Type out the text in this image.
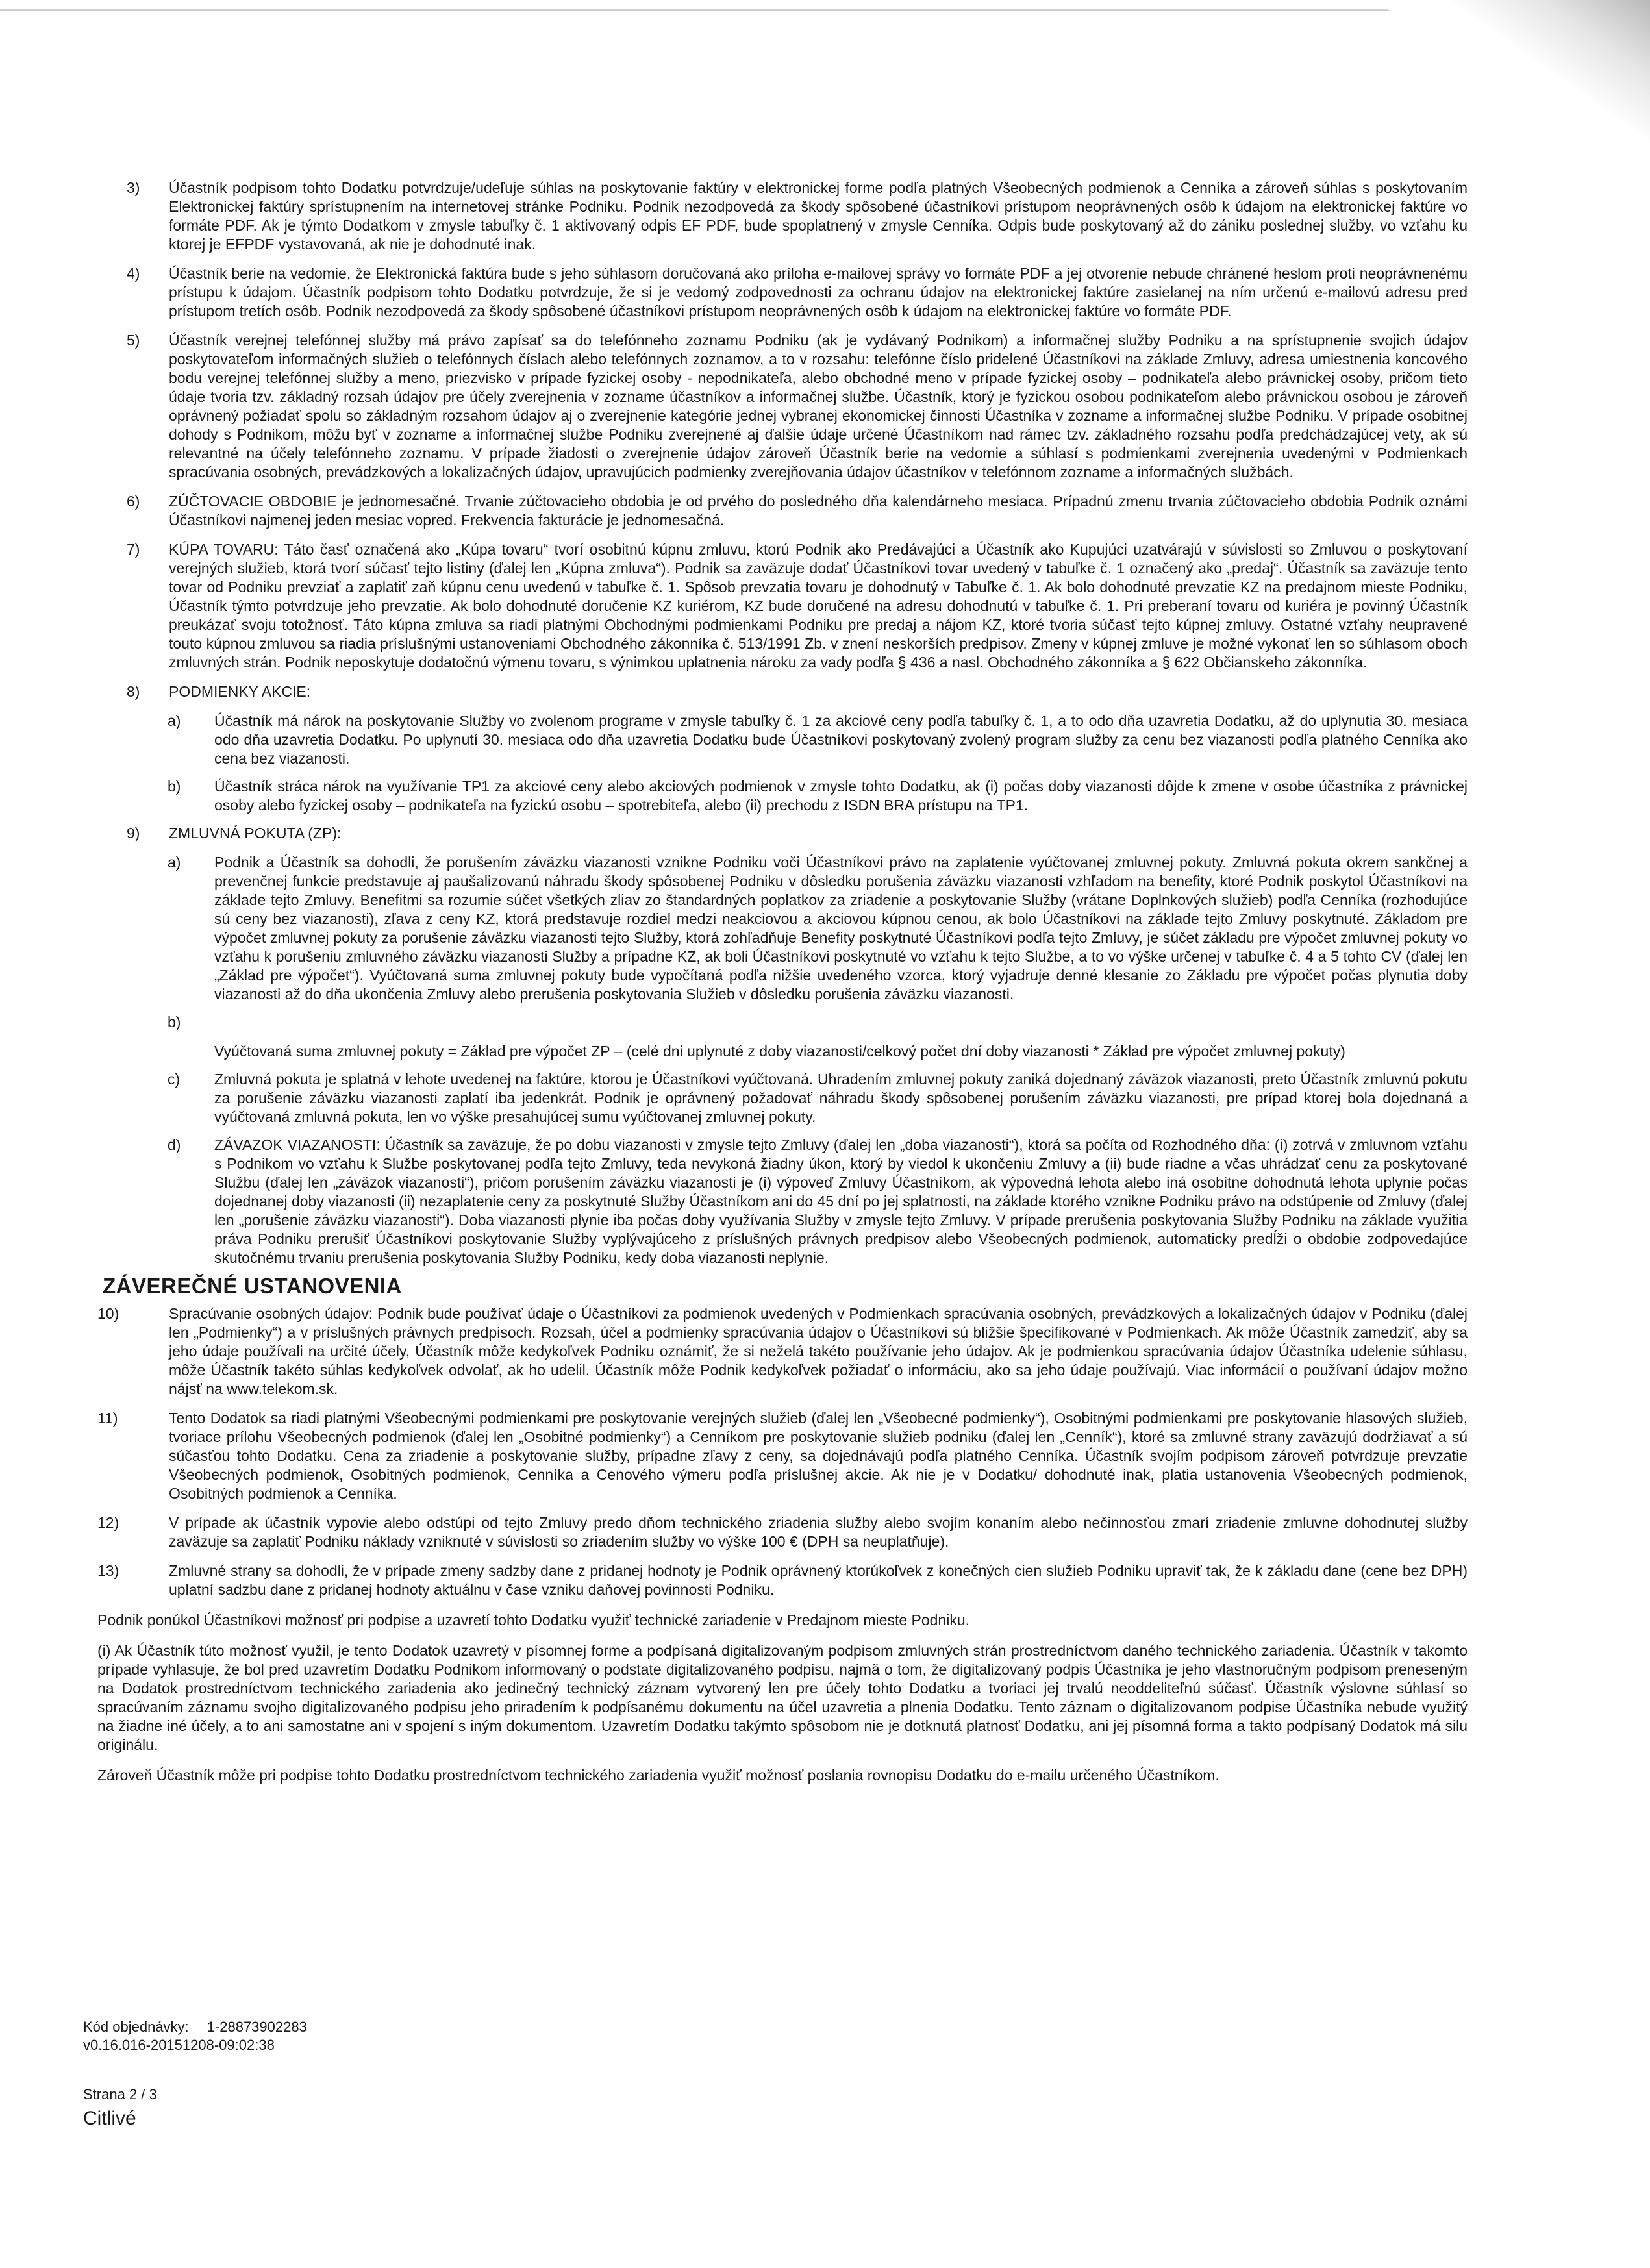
3) Účastník podpisom tohto Dodatku potvrdzuje/udeľuje súhlas na poskytovanie faktúry v elektronickej forme podľa platných Všeobecných podmienok a Cenníka a zároveň súhlas s poskytovaním Elektronickej faktúry sprístupnením na internetovej stránke Podniku. Podnik nezodpovedá za škody spôsobené účastníkovi prístupom neoprávnených osôb k údajom na elektronickej faktúre vo formáte PDF. Ak je týmto Dodatkom v zmysle tabuľky č. 1 aktivovaný odpis EF PDF, bude spoplatnený v zmysle Cenníka. Odpis bude poskytovaný až do zániku poslednej služby, vo vzťahu ku ktorej je EFPDF vystavovaná, ak nie je dohodnuté inak.
4) Účastník berie na vedomie, že Elektronická faktúra bude s jeho súhlasom doručovaná ako príloha e-mailovej správy vo formáte PDF a jej otvorenie nebude chránené heslom proti neoprávnenému prístupu k údajom. Účastník podpisom tohto Dodatku potvrdzuje, že si je vedomý zodpovednosti za ochranu údajov na elektronickej faktúre zasielanej na ním určenú e-mailovú adresu pred prístupom tretích osôb. Podnik nezodpovedá za škody spôsobené účastníkovi prístupom neoprávnených osôb k údajom na elektronickej faktúre vo formáte PDF.
5) Účastník verejnej telefónnej služby má právo zapísať sa do telefónneho zoznamu Podniku (ak je vydávaný Podnikom) a informačnej služby Podniku a na sprístupnenie svojich údajov poskytovateľom informačných služieb o telefónnych číslach alebo telefónnych zoznamov, a to v rozsahu: telefónne číslo pridelené Účastníkovi na základe Zmluvy, adresa umiestnenia koncového bodu verejnej telefónnej služby a meno, priezvisko v prípade fyzickej osoby - nepodnikateľa, alebo obchodné meno v prípade fyzickej osoby – podnikateľa alebo právnickej osoby, pričom tieto údaje tvoria tzv. základný rozsah údajov pre účely zverejnenia v zozname účastníkov a informačnej službe. Účastník, ktorý je fyzickou osobou podnikateľom alebo právnickou osobou je zároveň oprávnený požiadať spolu so základným rozsahom údajov aj o zverejnenie kategórie jednej vybranej ekonomickej činnosti Účastníka v zozname a informačnej službe Podniku. V prípade osobitnej dohody s Podnikom, môžu byť v zozname a informačnej službe Podniku zverejnené aj ďalšie údaje určené Účastníkom nad rámec tzv. základného rozsahu podľa predchádzajúcej vety, ak sú relevantné na účely telefónneho zoznamu. V prípade žiadosti o zverejnenie údajov zároveň Účastník berie na vedomie a súhlasí s podmienkami zverejnenia uvedenými v Podmienkach spracúvania osobných, prevádzkových a lokalizačných údajov, upravujúcich podmienky zverejňovania údajov účastníkov v telefónnom zozname a informačných službách.
6) ZÚČTOVACIE OBDOBIE je jednomesačné. Trvanie zúčtovacieho obdobia je od prvého do posledného dňa kalendárneho mesiaca. Prípadnú zmenu trvania zúčtovacieho obdobia Podnik oznámi Účastníkovi najmenej jeden mesiac vopred. Frekvencia fakturácie je jednomesačná.
7) KÚPA TOVARU: Táto časť označená ako „Kúpa tovaru“ tvorí osobitnú kúpnu zmluvu, ktorú Podnik ako Predávajúci a Účastník ako Kupujúci uzatvárajú v súvislosti so Zmluvou o poskytovaní verejných služieb, ktorá tvorí súčasť tejto listiny (ďalej len „Kúpna zmluva“). Podnik sa zaväzuje dodať Účastníkovi tovar uvedený v tabuľke č. 1 označený ako „predaj“. Účastník sa zaväzuje tento tovar od Podniku prevziať a zaplatiť zaň kúpnu cenu uvedenú v tabuľke č. 1. Spôsob prevzatia tovaru je dohodnutý v Tabuľke č. 1. Ak bolo dohodnuté prevzatie KZ na predajnom mieste Podniku, Účastník týmto potvrdzuje jeho prevzatie. Ak bolo dohodnuté doručenie KZ kuriérom, KZ bude doručené na adresu dohodnutú v tabuľke č. 1. Pri preberaní tovaru od kuriéra je povinný Účastník preukázať svoju totožnosť. Táto kúpna zmluva sa riadi platnými Obchodnými podmienkami Podniku pre predaj a nájom KZ, ktoré tvoria súčasť tejto kúpnej zmluvy. Ostatné vzťahy neupravené touto kúpnou zmluvou sa riadia príslušnými ustanoveniami Obchodného zákonníka č. 513/1991 Zb. v znení neskorších predpisov. Zmeny v kúpnej zmluve je možné vykonať len so súhlasom oboch zmluvných strán. Podnik neposkytuje dodatočnú výmenu tovaru, s výnimkou uplatnenia nároku za vady podľa § 436 a nasl. Obchodného zákonníka a § 622 Občianskeho zákonníka.
8) PODMIENKY AKCIE:
a) Účastník má nárok na poskytovanie Služby vo zvolenom programe v zmysle tabuľky č. 1 za akciové ceny podľa tabuľky č. 1, a to odo dňa uzavretia Dodatku, až do uplynutia 30. mesiaca odo dňa uzavretia Dodatku. Po uplynutí 30. mesiaca odo dňa uzavretia Dodatku bude Účastníkovi poskytovaný zvolený program služby za cenu bez viazanosti podľa platného Cenníka ako cena bez viazanosti.
b) Účastník stráca nárok na využívanie TP1 za akciové ceny alebo akciových podmienok v zmysle tohto Dodatku, ak (i) počas doby viazanosti dôjde k zmene v osobe účastníka z právnickej osoby alebo fyzickej osoby – podnikateľa na fyzickú osobu – spotrebiteľa, alebo (ii) prechodu z ISDN BRA prístupu na TP1.
9) ZMLUVNÁ POKUTA (ZP):
a) Podnik a Účastník sa dohodli, že porušením záväzku viazanosti vznikne Podniku voči Účastníkovi právo na zaplatenie vyúčtovanej zmluvnej pokuty. Zmluvná pokuta okrem sankčnej a prevenčnej funkcie predstavuje aj paušalizovanú náhradu škody spôsobenej Podniku v dôsledku porušenia záväzku viazanosti vzhľadom na benefity, ktoré Podnik poskytol Účastníkovi na základe tejto Zmluvy. Benefitmi sa rozumie súčet všetkých zliav zo štandardných poplatkov za zriadenie a poskytovanie Služby (vrátane Doplnkových služieb) podľa Cenníka (rozhodujúce sú ceny bez viazanosti), zľava z ceny KZ, ktorá predstavuje rozdiel medzi neakciovou a akciovou kúpnou cenou, ak bolo Účastníkovi na základe tejto Zmluvy poskytnuté. Základom pre výpočet zmluvnej pokuty za porušenie záväzku viazanosti tejto Služby, ktorá zohľadňuje Benefity poskytnuté Účastníkovi podľa tejto Zmluvy, je súčet základu pre výpočet zmluvnej pokuty vo vzťahu k porušeniu zmluvného záväzku viazanosti Služby a prípadne KZ, ak boli Účastníkovi poskytnuté vo vzťahu k tejto Službe, a to vo výške určenej v tabuľke č. 4 a 5 tohto CV (ďalej len „Základ pre výpočet“). Vyúčtovaná suma zmluvnej pokuty bude vypočítaná podľa nižšie uvedeného vzorca, ktorý vyjadruje denné klesanie zo Základu pre výpočet počas plynutia doby viazanosti až do dňa ukončenia Zmluvy alebo prerušenia poskytovania Služieb v dôsledku porušenia záväzku viazanosti.
b)
Vyúčtovaná suma zmluvnej pokuty = Základ pre výpočet ZP – (celé dni uplynuté z doby viazanosti/celkový počet dní doby viazanosti * Základ pre výpočet zmluvnej pokuty)
c) Zmluvná pokuta je splatná v lehote uvedenej na faktúre, ktorou je Účastníkovi vyúčtovaná. Uhradením zmluvnej pokuty zaniká dojednaný záväzok viazanosti, preto Účastník zmluvnú pokutu za porušenie záväzku viazanosti zaplatí iba jedenkrát. Podnik je oprávnený požadovať náhradu škody spôsobenej porušením záväzku viazanosti, pre prípad ktorej bola dojednaná a vyúčtovaná zmluvná pokuta, len vo výške presahujúcej sumu vyúčtovanej zmluvnej pokuty.
d) ZÁVAZOK VIAZANOSTI: Účastník sa zaväzuje, že po dobu viazanosti v zmysle tejto Zmluvy (ďalej len „doba viazanosti“), ktorá sa počíta od Rozhodného dňa: (i) zotrvá v zmluvnom vzťahu s Podnikom vo vzťahu k Službe poskytovanej podľa tejto Zmluvy, teda nevykoná žiadny úkon, ktorý by viedol k ukončeniu Zmluvy a (ii) bude riadne a včas uhrádzať cenu za poskytované Službu (ďalej len „záväzok viazanosti“), pričom porušením záväzku viazanosti je (i) výpoveď Zmluvy Účastníkom, ak výpovedná lehota alebo iná osobitne dohodnutá lehota uplynie počas dojednanej doby viazanosti (ii) nezaplatenie ceny za poskytnuté Služby Účastníkom ani do 45 dní po jej splatnosti, na základe ktorého vznikne Podniku právo na odstúpenie od Zmluvy (ďalej len „porušenie záväzku viazanosti“). Doba viazanosti plynie iba počas doby využívania Služby v zmysle tejto Zmluvy. V prípade prerušenia poskytovania Služby Podniku na základe využitia práva Podniku prerušiť Účastníkovi poskytovanie Služby vyplývajúceho z príslušných právnych predpisov alebo Všeobecných podmienok, automaticky predĺži o obdobie zodpovedajúce skutočnému trvaniu prerušenia poskytovania Služby Podniku, kedy doba viazanosti neplynie.
ZÁVEREČNÉ USTANOVENIA
10)	Spracúvanie osobných údajov: Podnik bude používať údaje o Účastníkovi za podmienok uvedených v Podmienkach spracúvania osobných, prevádzkových a lokalizačných údajov v Podniku (ďalej len „Podmienky“) a v príslušných právnych predpisoch. Rozsah, účel a podmienky spracúvania údajov o Účastníkovi sú bližšie špecifikované v Podmienkach. Ak môže Účastník zamedziť, aby sa jeho údaje používali na určité účely, Účastník môže kedykoľvek Podniku oznámiť, že si neželá takéto používanie jeho údajov. Ak je podmienkou spracúvania údajov Účastníka udelenie súhlasu, môže Účastník takéto súhlas kedykoľvek odvolať, ak ho udelil. Účastník môže Podnik kedykoľvek požiadať o informáciu, ako sa jeho údaje používajú. Viac informácií o používaní údajov možno nájsť na www.telekom.sk.
11)	Tento Dodatok sa riadi platnými Všeobecnými podmienkami pre poskytovanie verejných služieb (ďalej len „Všeobecné podmienky“), Osobitnými podmienkami pre poskytovanie hlasových služieb, tvoriace prílohu Všeobecných podmienok (ďalej len „Osobitné podmienky“) a Cenníkom pre poskytovanie služieb podniku (ďalej len „Cenník“), ktoré sa zmluvné strany zaväzujú dodržiavať a sú súčasťou tohto Dodatku. Cena za zriadenie a poskytovanie služby, prípadne zľavy z ceny, sa dojednávajú podľa platného Cenníka. Účastník svojím podpisom zároveň potvrdzuje prevzatie Všeobecných podmienok, Osobitných podmienok, Cenníka a Cenového výmeru podľa príslušnej akcie. Ak nie je v Dodatku/ dohodnuté inak, platia ustanovenia Všeobecných podmienok, Osobitných podmienok a Cenníka.
12)	V prípade ak účastník vypovie alebo odstúpi od tejto Zmluvy predo dňom technického zriadenia služby alebo svojím konaním alebo nečinnosťou zmarí zriadenie zmluvne dohodnutej služby zaväzuje sa zaplatiť Podniku náklady vzniknuté v súvislosti so zriadením služby vo výške 100 € (DPH sa neuplatňuje).
13)	Zmluvné strany sa dohodli, že v prípade zmeny sadzby dane z pridanej hodnoty je Podnik oprávnený ktorúkoľvek z konečných cien služieb Podniku upraviť tak, že k základu dane (cene bez DPH) uplatní sadzbu dane z pridanej hodnoty aktuálnu v čase vzniku daňovej povinnosti Podniku.

Podnik ponúkol Účastníkovi možnosť pri podpise a uzavretí tohto Dodatku využiť technické zariadenie v Predajnom mieste Podniku.

(i) Ak Účastník túto možnosť využil, je tento Dodatok uzavretý v písomnej forme a podpísaná digitalizovaným podpisom zmluvných strán prostredníctvom daného technického zariadenia. Účastník v takomto prípade vyhlasuje, že bol pred uzavretím Dodatku Podnikom informovaný o podstate digitalizovaného podpisu, najmä o tom, že digitalizovaný podpis Účastníka je jeho vlastnoručným podpisom preneseným na Dodatok prostredníctvom technického zariadenia ako jedinečný technický záznam vytvorený len pre účely tohto Dodatku a tvoriaci jej trvalú neoddeliteľnú súčasť. Účastník výslovne súhlasí so spracúvaním záznamu svojho digitalizovaného podpisu jeho priradením k podpísanému dokumentu na účel uzavretia a plnenia Dodatku. Tento záznam o digitalizovanom podpise Účastníka nebude využitý na žiadne iné účely, a to ani samostatne ani v spojení s iným dokumentom. Uzavretím Dodatku takýmto spôsobom nie je dotknutá platnosť Dodatku, ani jej písomná forma a takto podpísaný Dodatok má silu originálu.

Zároveň Účastník môže pri podpise tohto Dodatku prostredníctvom technického zariadenia využiť možnosť poslania rovnopisu Dodatku do e-mailu určeného Účastníkom.

Kód objednávky: 1-28873902283
v0.16.016-20151208-09:02:38
Strana 2 / 3
Citlivé
